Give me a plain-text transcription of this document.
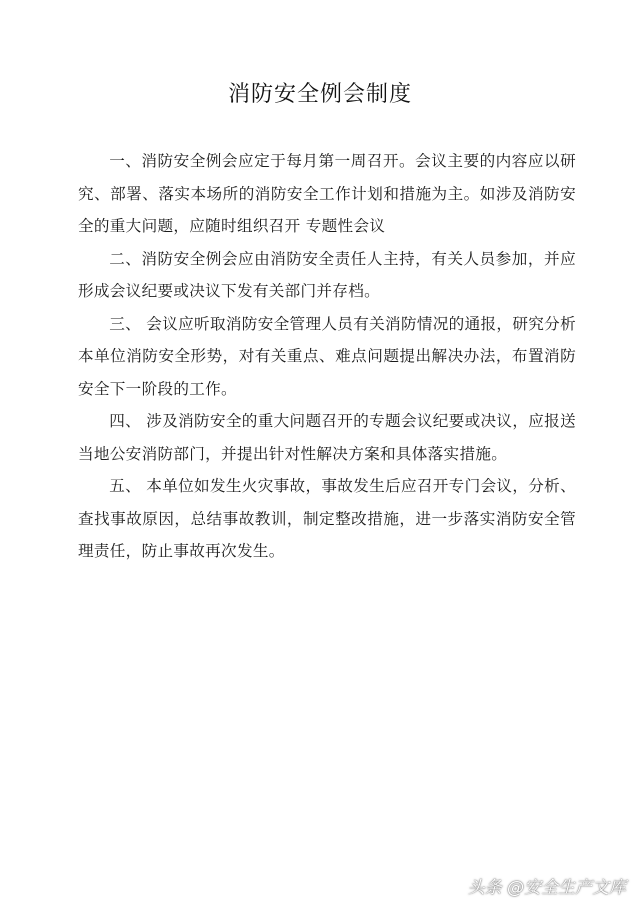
消防安全例会制度

一、消防安全例会应定于每月第一周召开。会议主要的内容应以研究、部署、落实本场所的消防安全工作计划和措施为主。如涉及消防安全的重大问题，应随时组织召开 专题性会议

二、消防安全例会应由消防安全责任人主持，有关人员参加，并应形成会议纪要或决议下发有关部门并存档。

三、 会议应听取消防安全管理人员有关消防情况的通报，研究分析本单位消防安全形势，对有关重点、难点问题提出解决办法，布置消防安全下一阶段的工作。

四、 涉及消防安全的重大问题召开的专题会议纪要或决议，应报送当地公安消防部门，并提出针对性解决方案和具体落实措施。

五、 本单位如发生火灾事故，事故发生后应召开专门会议，分析、查找事故原因，总结事故教训，制定整改措施，进一步落实消防安全管理责任，防止事故再次发生。

头条 @安全生产文库
